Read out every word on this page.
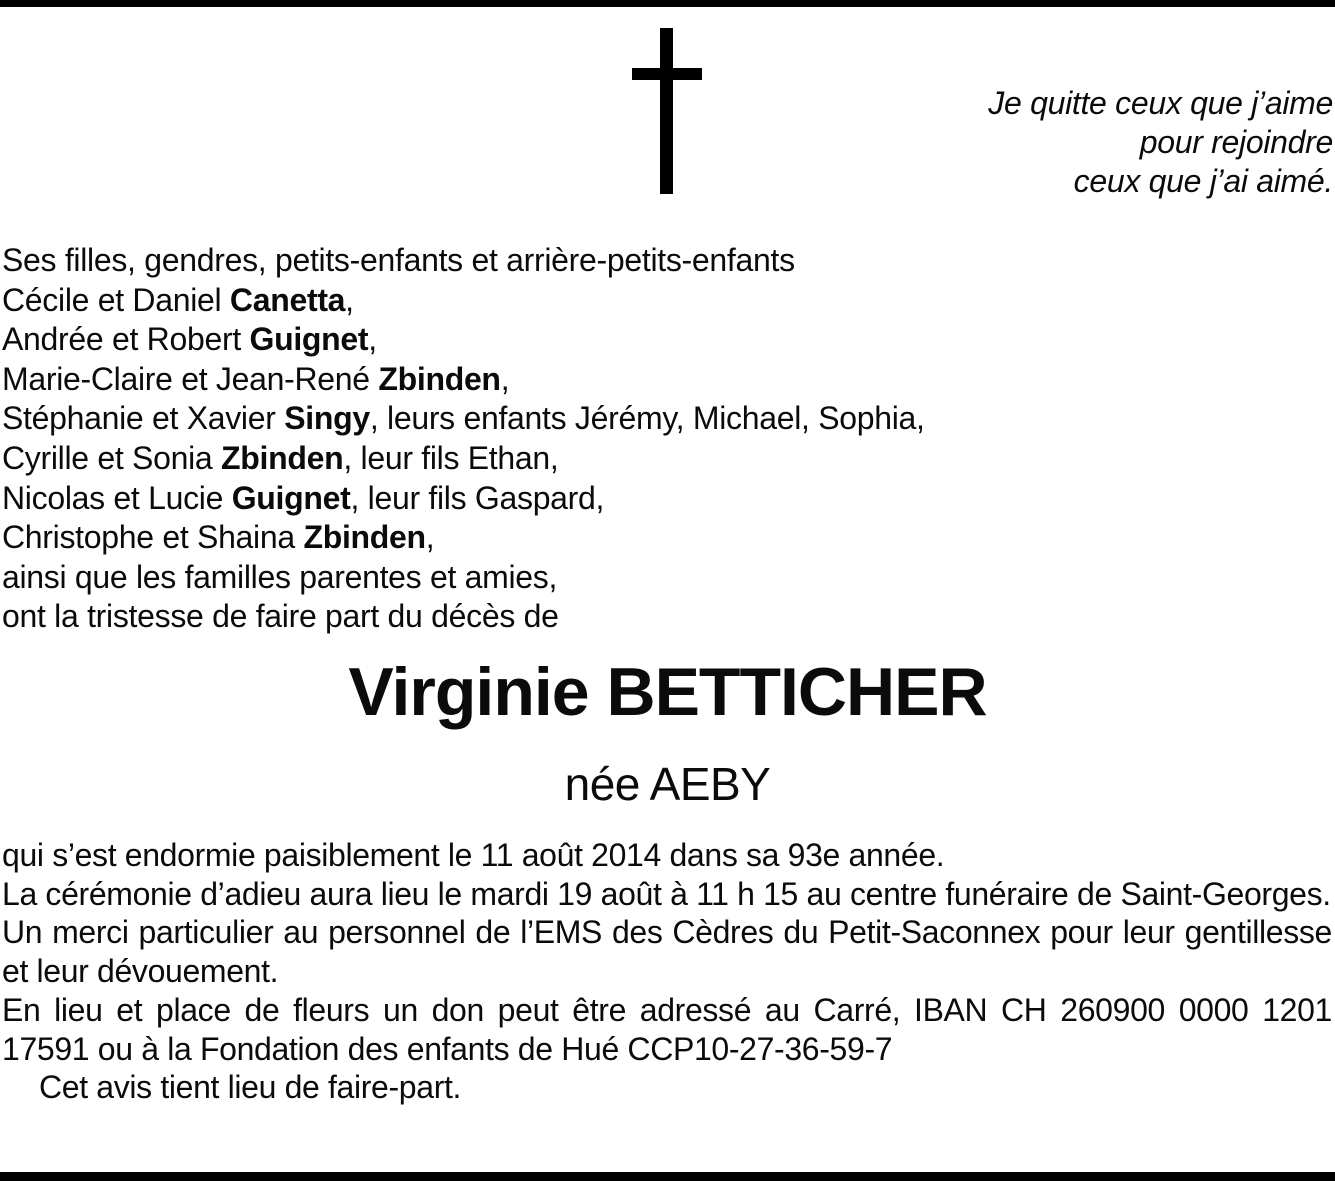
Je quitte ceux que j’aime
pour rejoindre
ceux que j’ai aimé.
Ses filles, gendres, petits-enfants et arrière-petits-enfants
Cécile et Daniel Canetta,
Andrée et Robert Guignet,
Marie-Claire et Jean-René Zbinden,
Stéphanie et Xavier Singy, leurs enfants Jérémy, Michael, Sophia,
Cyrille et Sonia Zbinden, leur fils Ethan,
Nicolas et Lucie Guignet, leur fils Gaspard,
Christophe et Shaina Zbinden,
ainsi que les familles parentes et amies,
ont la tristesse de faire part du décès de
Virginie BETTICHER
née AEBY

qui s’est endormie paisiblement le 11 août 2014 dans sa 93e année.

La cérémonie d’adieu aura lieu le mardi 19 août à 11 h 15 au centre funéraire de Saint-Georges.

Un merci particulier au personnel de l’EMS des Cèdres du Petit-Saconnex pour leur gentillesse et leur dévouement.

En lieu et place de fleurs un don peut être adressé au Carré, IBAN CH 260900 0000 1201 17591 ou à la Fondation des enfants de Hué CCP10-27-36-59-7

Cet avis tient lieu de faire-part.
